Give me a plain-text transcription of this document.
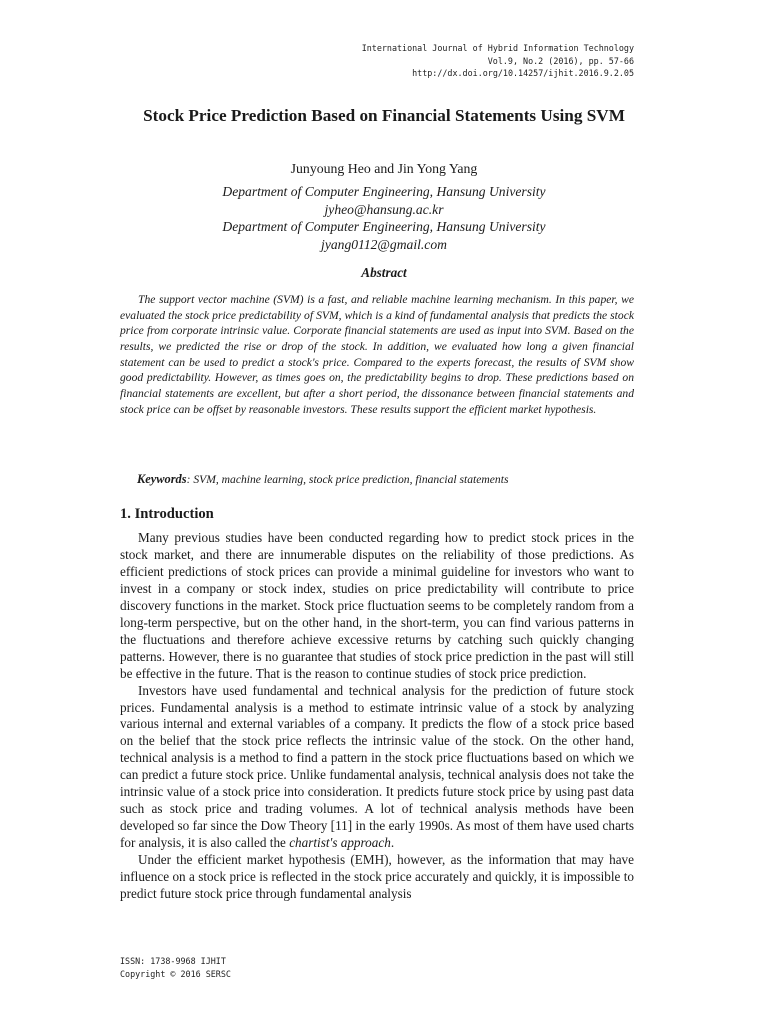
International Journal of Hybrid Information Technology
Vol.9, No.2 (2016), pp. 57-66
http://dx.doi.org/10.14257/ijhit.2016.9.2.05
Stock Price Prediction Based on Financial Statements Using SVM

Junyoung Heo and Jin Yong Yang

Department of Computer Engineering, Hansung University
jyheo@hansung.ac.kr
Department of Computer Engineering, Hansung University
jyang0112@gmail.com
Abstract

The support vector machine (SVM) is a fast, and reliable machine learning mechanism. In this paper, we evaluated the stock price predictability of SVM, which is a kind of fundamental analysis that predicts the stock price from corporate intrinsic value. Corporate financial statements are used as input into SVM. Based on the results, we predicted the rise or drop of the stock. In addition, we evaluated how long a given financial statement can be used to predict a stock's price. Compared to the experts forecast, the results of SVM show good predictability. However, as times goes on, the predictability begins to drop. These predictions based on financial statements are excellent, but after a short period, the dissonance between financial statements and stock price can be offset by reasonable investors. These results support the efficient market hypothesis.

Keywords: SVM, machine learning, stock price prediction, financial statements

1. Introduction

Many previous studies have been conducted regarding how to predict stock prices in the stock market, and there are innumerable disputes on the reliability of those predictions. As efficient predictions of stock prices can provide a minimal guideline for investors who want to invest in a company or stock index, studies on price predictability will contribute to price discovery functions in the market. Stock price fluctuation seems to be completely random from a long-term perspective, but on the other hand, in the short-term, you can find various patterns in the fluctuations and therefore achieve excessive returns by catching such quickly changing patterns. However, there is no guarantee that studies of stock price prediction in the past will still be effective in the future. That is the reason to continue studies of stock price prediction.

Investors have used fundamental and technical analysis for the prediction of future stock prices. Fundamental analysis is a method to estimate intrinsic value of a stock by analyzing various internal and external variables of a company. It predicts the flow of a stock price based on the belief that the stock price reflects the intrinsic value of the stock. On the other hand, technical analysis is a method to find a pattern in the stock price fluctuations based on which we can predict a future stock price. Unlike fundamental analysis, technical analysis does not take the intrinsic value of a stock price into consideration. It predicts future stock price by using past data such as stock price and trading volumes. A lot of technical analysis methods have been developed so far since the Dow Theory [11] in the early 1990s. As most of them have used charts for analysis, it is also called the chartist's approach.

Under the efficient market hypothesis (EMH), however, as the information that may have influence on a stock price is reflected in the stock price accurately and quickly, it is impossible to predict future stock price through fundamental analysis

ISSN: 1738-9968 IJHIT
Copyright © 2016 SERSC
